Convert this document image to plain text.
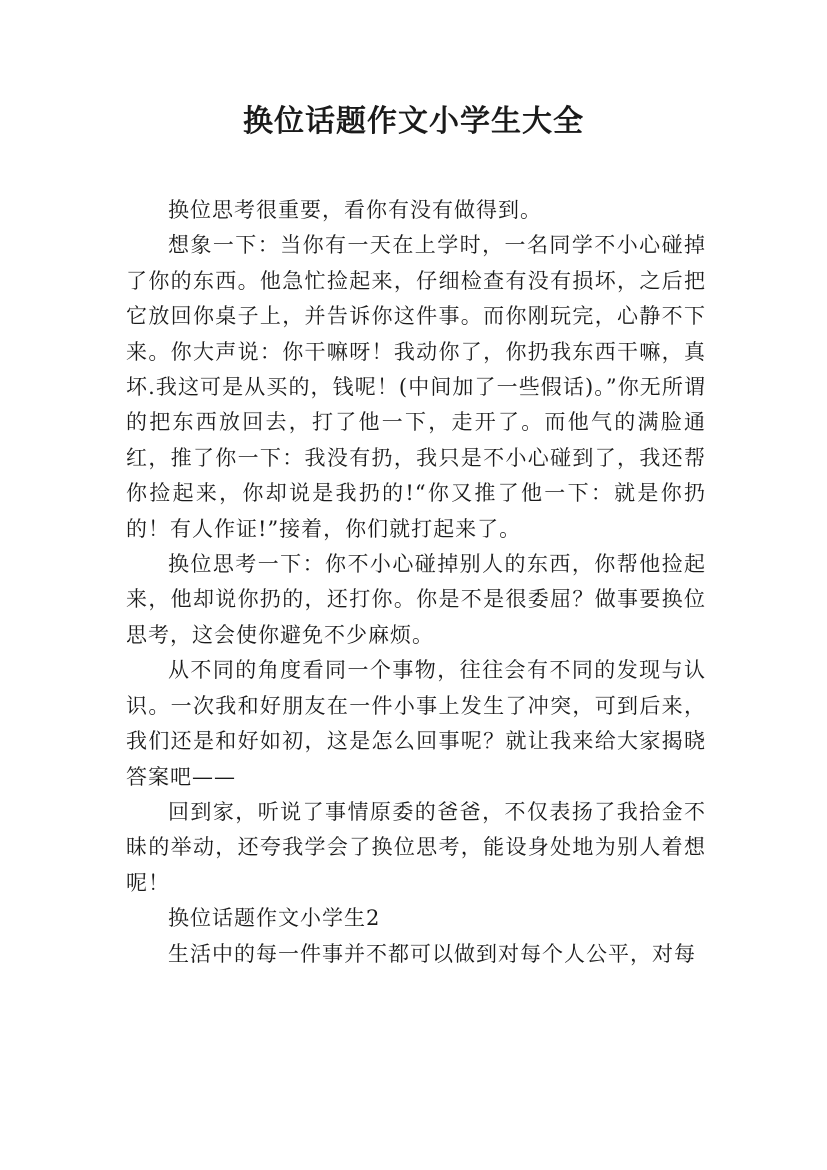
换位话题作文小学生大全

换位思考很重要，看你有没有做得到。

想象一下：当你有一天在上学时，一名同学不小心碰掉了你的东西。他急忙捡起来，仔细检查有没有损坏，之后把它放回你桌子上，并告诉你这件事。而你刚玩完，心静不下来。你大声说：你干嘛呀！我动你了，你扔我东西干嘛，真坏.我这可是从买的，钱呢！(中间加了一些假话)。”你无所谓的把东西放回去，打了他一下，走开了。而他气的满脸通红，推了你一下：我没有扔，我只是不小心碰到了，我还帮你捡起来，你却说是我扔的!“你又推了他一下：就是你扔的！有人作证!”接着，你们就打起来了。

换位思考一下：你不小心碰掉别人的东西，你帮他捡起来，他却说你扔的，还打你。你是不是很委屈？做事要换位思考，这会使你避免不少麻烦。

从不同的角度看同一个事物，往往会有不同的发现与认识。一次我和好朋友在一件小事上发生了冲突，可到后来，我们还是和好如初，这是怎么回事呢？就让我来给大家揭晓答案吧——

回到家，听说了事情原委的爸爸，不仅表扬了我拾金不昧的举动，还夸我学会了换位思考，能设身处地为别人着想呢！

换位话题作文小学生2

生活中的每一件事并不都可以做到对每个人公平，对每
